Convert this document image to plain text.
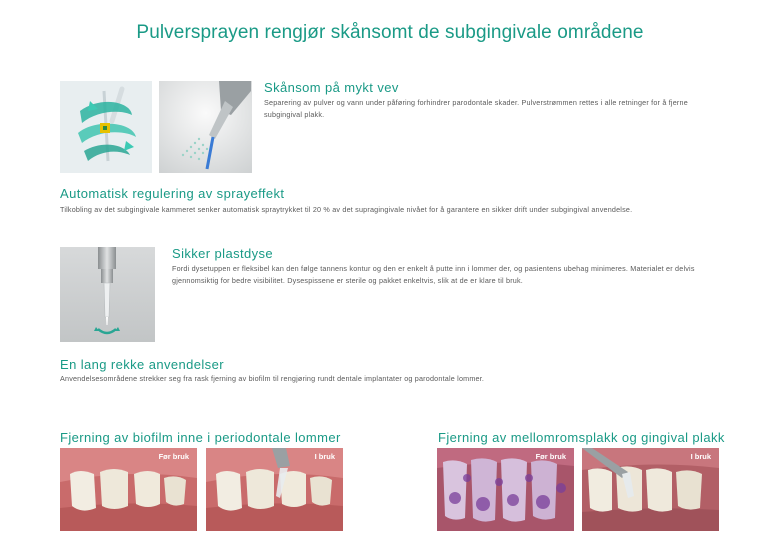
Pulversprayen rengjør skånsomt de subgingivale områdene
Skånsom på mykt vev
Separering av pulver og vann under påføring forhindrer parodontale skader. Pulverstrømmen rettes i alle retninger for å fjerne subgingival plakk.
Automatisk regulering av sprayeffekt
Tilkobling av det subgingivale kammeret senker automatisk spraytrykket til 20 % av det supragingivale nivået for å garantere en sikker drift under subgingival anvendelse.
Sikker plastdyse
Fordi dysetuppen er fleksibel kan den følge tannens kontur og den er enkelt å putte inn i lommer der, og pasientens ubehag minimeres. Materialet er delvis gjennomsiktig for bedre visibilitet. Dysespissene er sterile og pakket enkeltvis, slik at de er klare til bruk.
En lang rekke anvendelser
Anvendelsesområdene strekker seg fra rask fjerning av biofilm til rengjøring rundt dentale implantater og parodontale lommer.
Fjerning av biofilm inne i periodontale lommer
Før bruk	I bruk
Fjerning av mellomromsplakk og gingival plakk
Før bruk	I bruk
